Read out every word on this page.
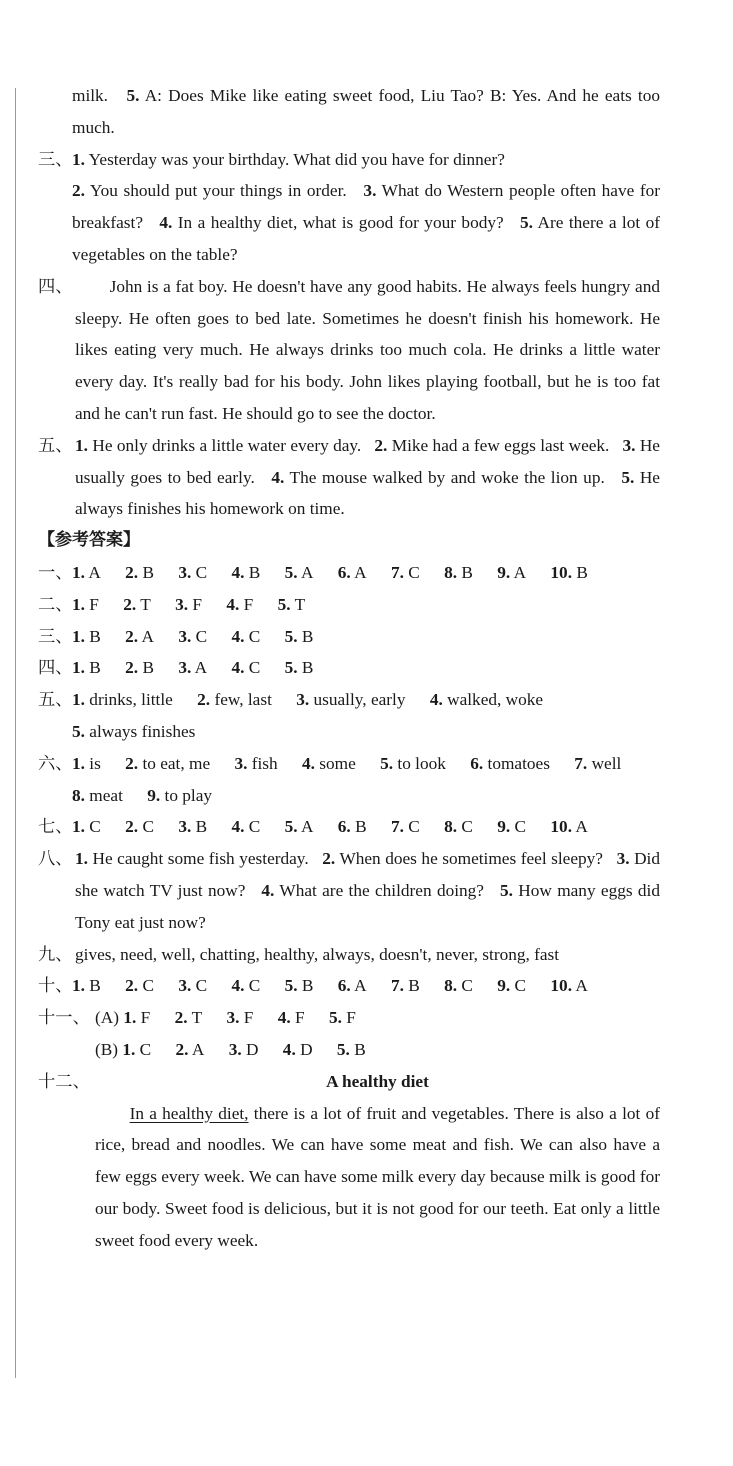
milk. 5. A: Does Mike like eating sweet food, Liu Tao? B: Yes. And he eats too much.
三、 1. Yesterday was your birthday. What did you have for dinner?
2. You should put your things in order. 3. What do Western people often have for breakfast? 4. In a healthy diet, what is good for your body? 5. Are there a lot of vegetables on the table?
四、	John is a fat boy. He doesn't have any good habits. He always feels hungry and sleepy. He often goes to bed late. Sometimes he doesn't finish his homework. He likes eating very much. He always drinks too much cola. He drinks a little water every day. It's really bad for his body. John likes playing football, but he is too fat and he can't run fast. He should go to see the doctor.
五、 1. He only drinks a little water every day. 2. Mike had a few eggs last week. 3. He usually goes to bed early. 4. The mouse walked by and woke the lion up. 5. He always finishes his homework on time.
【参考答案】
一、 1. A 2. B 3. C 4. B 5. A 6. A 7. C 8. B 9. A 10. B
二、 1. F 2. T 3. F 4. F 5. T
三、 1. B 2. A 3. C 4. C 5. B
四、 1. B 2. B 3. A 4. C 5. B
五、 1. drinks, little 2. few, last 3. usually, early 4. walked, woke 5. always finishes
六、 1. is 2. to eat, me 3. fish 4. some 5. to look 6. tomatoes 7. well 8. meat 9. to play
七、 1. C 2. C 3. B 4. C 5. A 6. B 7. C 8. C 9. C 10. A
八、 1. He caught some fish yesterday. 2. When does he sometimes feel sleepy? 3. Did she watch TV just now? 4. What are the children doing? 5. How many eggs did Tony eat just now?
九、 gives, need, well, chatting, healthy, always, doesn't, never, strong, fast
十、 1. B 2. C 3. C 4. C 5. B 6. A 7. B 8. C 9. C 10. A
十一、 (A) 1. F 2. T 3. F 4. F 5. F
(B) 1. C 2. A 3. D 4. D 5. B
十二、	A healthy diet
In a healthy diet, there is a lot of fruit and vegetables. There is also a lot of rice, bread and noodles. We can have some meat and fish. We can also have a few eggs every week. We can have some milk every day because milk is good for our body. Sweet food is delicious, but it is not good for our teeth. Eat only a little sweet food every week.
